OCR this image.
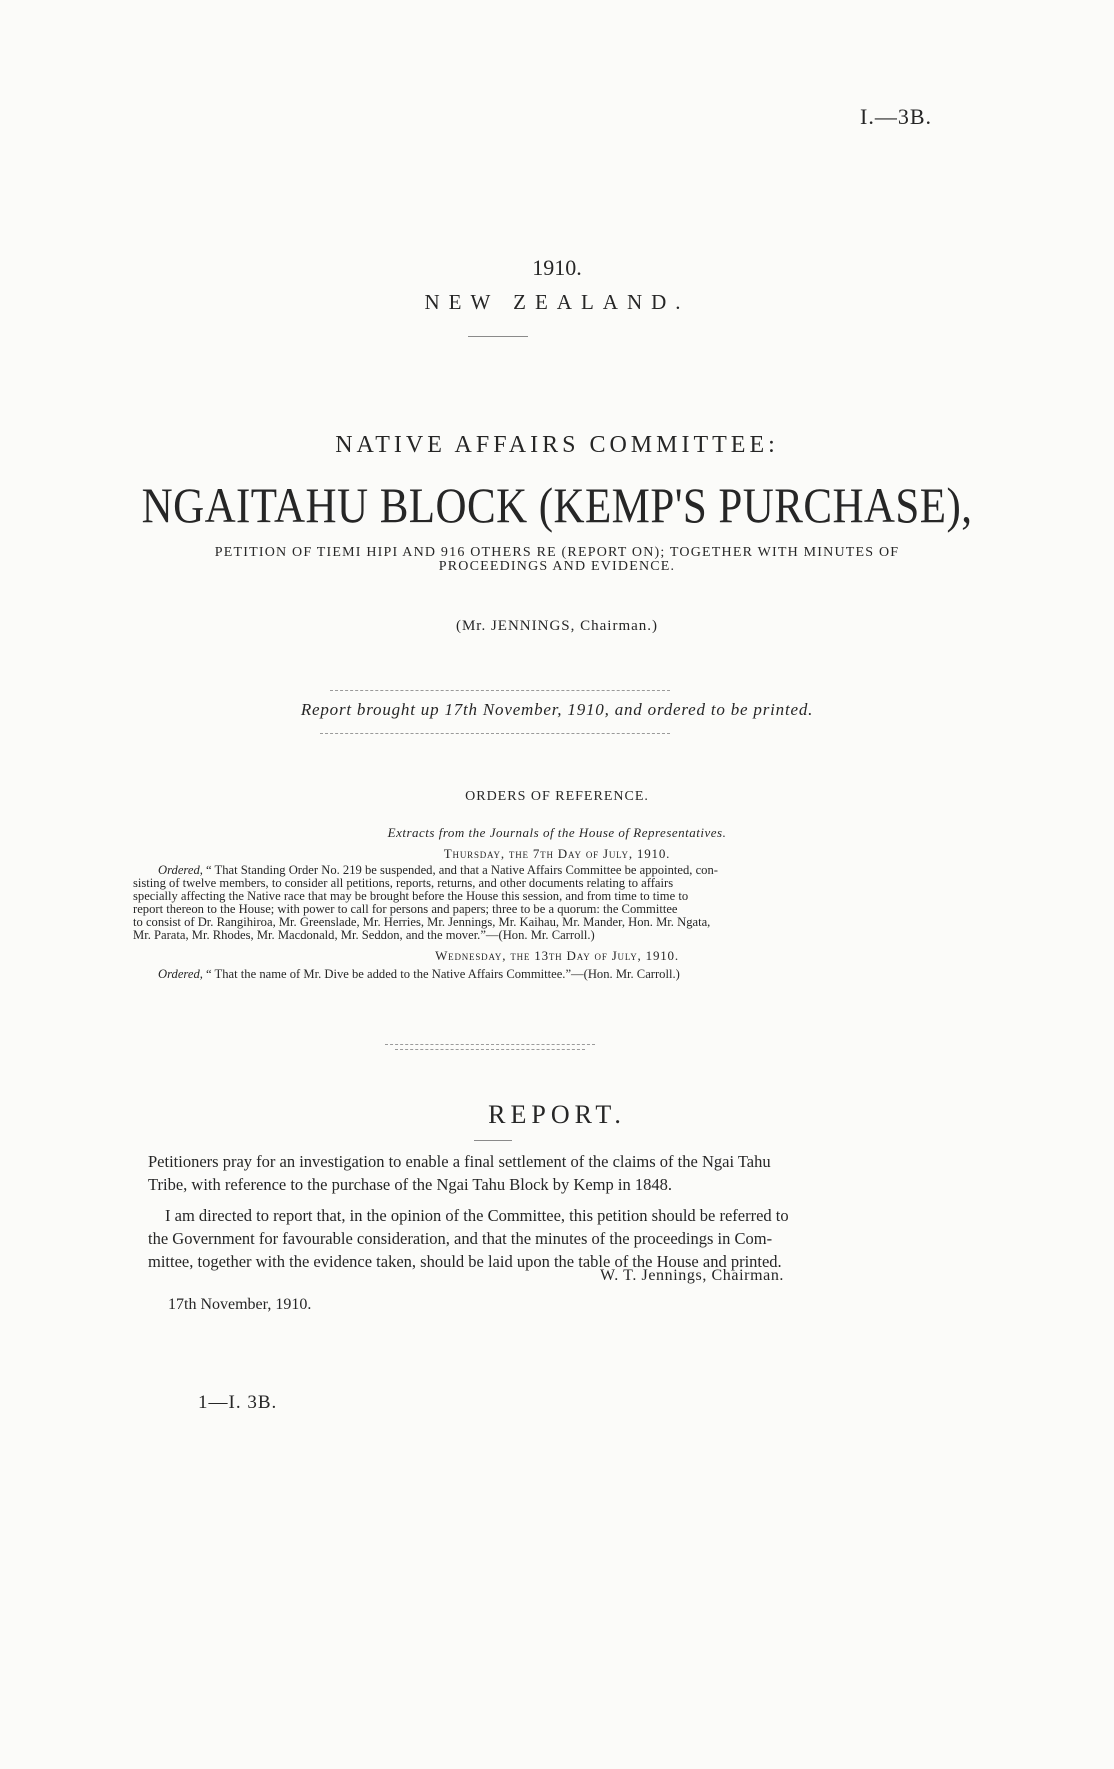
I.—3B.
1910.
NEW ZEALAND.
NATIVE AFFAIRS COMMITTEE:
NGAITAHU BLOCK (KEMP'S PURCHASE),
PETITION OF TIEMI HIPI AND 916 OTHERS RE (REPORT ON); TOGETHER WITH MINUTES OF
PROCEEDINGS AND EVIDENCE.
(Mr. JENNINGS, Chairman.)
Report brought up 17th November, 1910, and ordered to be printed.
ORDERS OF REFERENCE.
Extracts from the Journals of the House of Representatives.
Thursday, the 7th Day of July, 1910.
Ordered, “ That Standing Order No. 219 be suspended, and that a Native Affairs Committee be appointed, con-
sisting of twelve members, to consider all petitions, reports, returns, and other documents relating to affairs
specially affecting the Native race that may be brought before the House this session, and from time to time to
report thereon to the House; with power to call for persons and papers; three to be a quorum: the Committee
to consist of Dr. Rangihiroa, Mr. Greenslade, Mr. Herries, Mr. Jennings, Mr. Kaihau, Mr. Mander, Hon. Mr. Ngata,
Mr. Parata, Mr. Rhodes, Mr. Macdonald, Mr. Seddon, and the mover.”—(Hon. Mr. Carroll.)
Wednesday, the 13th Day of July, 1910.
Ordered, “ That the name of Mr. Dive be added to the Native Affairs Committee.”—(Hon. Mr. Carroll.)
REPORT.

Petitioners pray for an investigation to enable a final settlement of the claims of the Ngai Tahu

Tribe, with reference to the purchase of the Ngai Tahu Block by Kemp in 1848.

I am directed to report that, in the opinion of the Committee, this petition should be referred to

the Government for favourable consideration, and that the minutes of the proceedings in Com-

mittee, together with the evidence taken, should be laid upon the table of the House and printed.

W. T. Jennings, Chairman.
17th November, 1910.
1—I. 3B.
